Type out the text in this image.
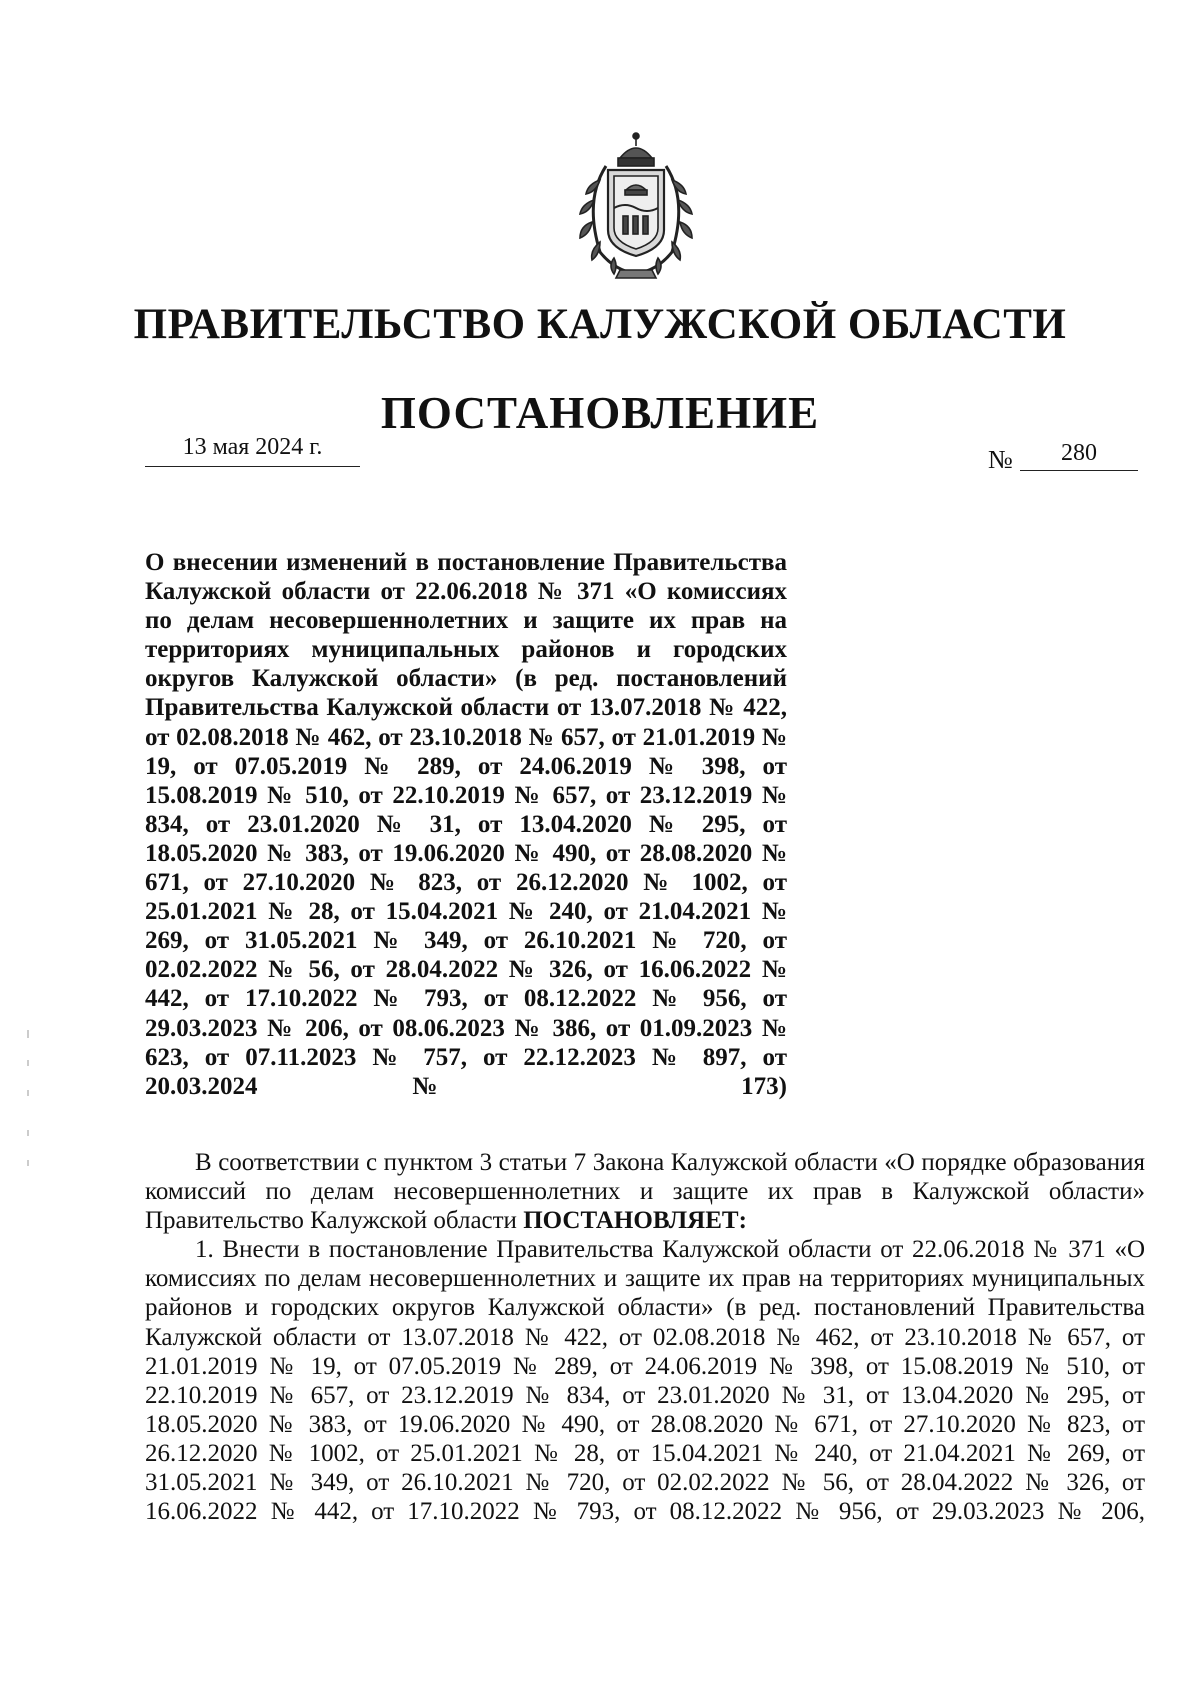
ПРАВИТЕЛЬСТВО КАЛУЖСКОЙ ОБЛАСТИ
ПОСТАНОВЛЕНИЕ
13 мая 2024 г.	№	280
О внесении изменений в постановление Правительства Калужской области от 22.06.2018 № 371 «О комиссиях по делам несовершеннолетних и защите их прав на территориях муниципальных районов и городских округов Калужской области» (в ред. постановлений Правительства Калужской области от 13.07.2018 № 422, от 02.08.2018 № 462, от 23.10.2018 № 657, от 21.01.2019 № 19, от 07.05.2019 № 289, от 24.06.2019 № 398, от 15.08.2019 № 510, от 22.10.2019 № 657, от 23.12.2019 № 834, от 23.01.2020 № 31, от 13.04.2020 № 295, от 18.05.2020 № 383, от 19.06.2020 № 490, от 28.08.2020 № 671, от 27.10.2020 № 823, от 26.12.2020 № 1002, от 25.01.2021 № 28, от 15.04.2021 № 240, от 21.04.2021 № 269, от 31.05.2021 № 349, от 26.10.2021 № 720, от 02.02.2022 № 56, от 28.04.2022 № 326, от 16.06.2022 № 442, от 17.10.2022 № 793, от 08.12.2022 № 956, от 29.03.2023 № 206, от 08.06.2023 № 386, от 01.09.2023 № 623, от 07.11.2023 № 757, от 22.12.2023 № 897, от 20.03.2024 № 173)

В соответствии с пунктом 3 статьи 7 Закона Калужской области «О порядке образования комиссий по делам несовершеннолетних и защите их прав в Калужской области» Правительство Калужской области ПОСТАНОВЛЯЕТ:

1. Внести в постановление Правительства Калужской области от 22.06.2018 № 371 «О комиссиях по делам несовершеннолетних и защите их прав на территориях муниципальных районов и городских округов Калужской области» (в ред. постановлений Правительства Калужской области от 13.07.2018 № 422, от 02.08.2018 № 462, от 23.10.2018 № 657, от 21.01.2019 № 19, от 07.05.2019 № 289, от 24.06.2019 № 398, от 15.08.2019 № 510, от 22.10.2019 № 657, от 23.12.2019 № 834, от 23.01.2020 № 31, от 13.04.2020 № 295, от 18.05.2020 № 383, от 19.06.2020 № 490, от 28.08.2020 № 671, от 27.10.2020 № 823, от 26.12.2020 № 1002, от 25.01.2021 № 28, от 15.04.2021 № 240, от 21.04.2021 № 269, от 31.05.2021 № 349, от 26.10.2021 № 720, от 02.02.2022 № 56, от 28.04.2022 № 326, от 16.06.2022 № 442, от 17.10.2022 № 793, от 08.12.2022 № 956, от 29.03.2023 № 206,
